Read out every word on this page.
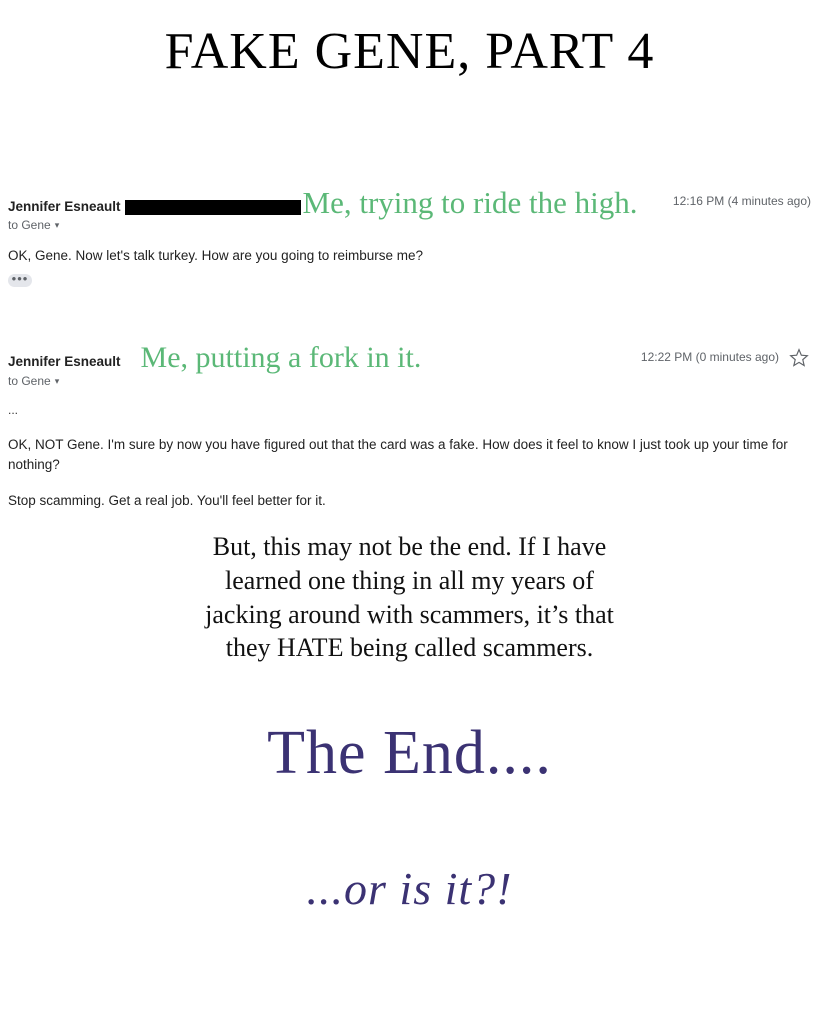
FAKE GENE, PART 4
Jennifer Esneault	Me, trying to ride the high.	12:16 PM (4 minutes ago)
to Gene ▾
OK, Gene. Now let's talk turkey. How are you going to reimburse me?
•••
Jennifer Esneault Me, putting a fork in it.	12:22 PM (0 minutes ago)
to Gene ▾

...

OK, NOT Gene. I'm sure by now you have figured out that the card was a fake. How does it feel to know I just took up your time for nothing?

Stop scamming. Get a real job. You'll feel better for it.

But, this may not be the end. If I have
learned one thing in all my years of
jacking around with scammers, it’s that
they HATE being called scammers.
The End....
...or is it?!
